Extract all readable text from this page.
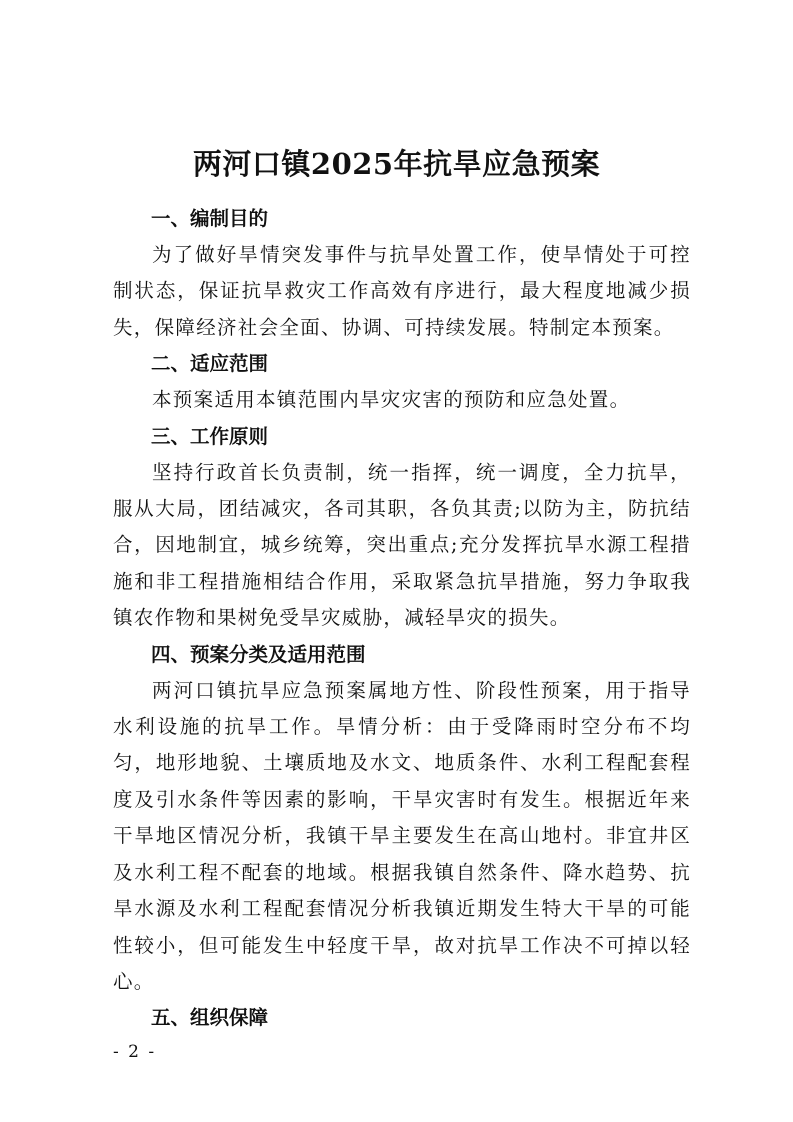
两河口镇2025年抗旱应急预案
一、编制目的

为了做好旱情突发事件与抗旱处置工作，使旱情处于可控制状态，保证抗旱救灾工作高效有序进行，最大程度地减少损失，保障经济社会全面、协调、可持续发展。特制定本预案。

二、适应范围

本预案适用本镇范围内旱灾灾害的预防和应急处置。

三、工作原则

坚持行政首长负责制，统一指挥，统一调度，全力抗旱，服从大局，团结减灾，各司其职，各负其责;以防为主，防抗结合，因地制宜，城乡统筹，突出重点;充分发挥抗旱水源工程措施和非工程措施相结合作用，采取紧急抗旱措施，努力争取我镇农作物和果树免受旱灾威胁，减轻旱灾的损失。

四、预案分类及适用范围

两河口镇抗旱应急预案属地方性、阶段性预案，用于指导水利设施的抗旱工作。旱情分析：由于受降雨时空分布不均匀，地形地貌、土壤质地及水文、地质条件、水利工程配套程度及引水条件等因素的影响，干旱灾害时有发生。根据近年来干旱地区情况分析，我镇干旱主要发生在高山地村。非宜井区及水利工程不配套的地域。根据我镇自然条件、降水趋势、抗旱水源及水利工程配套情况分析我镇近期发生特大干旱的可能性较小，但可能发生中轻度干旱，故对抗旱工作决不可掉以轻心。

五、组织保障
- 2 -
